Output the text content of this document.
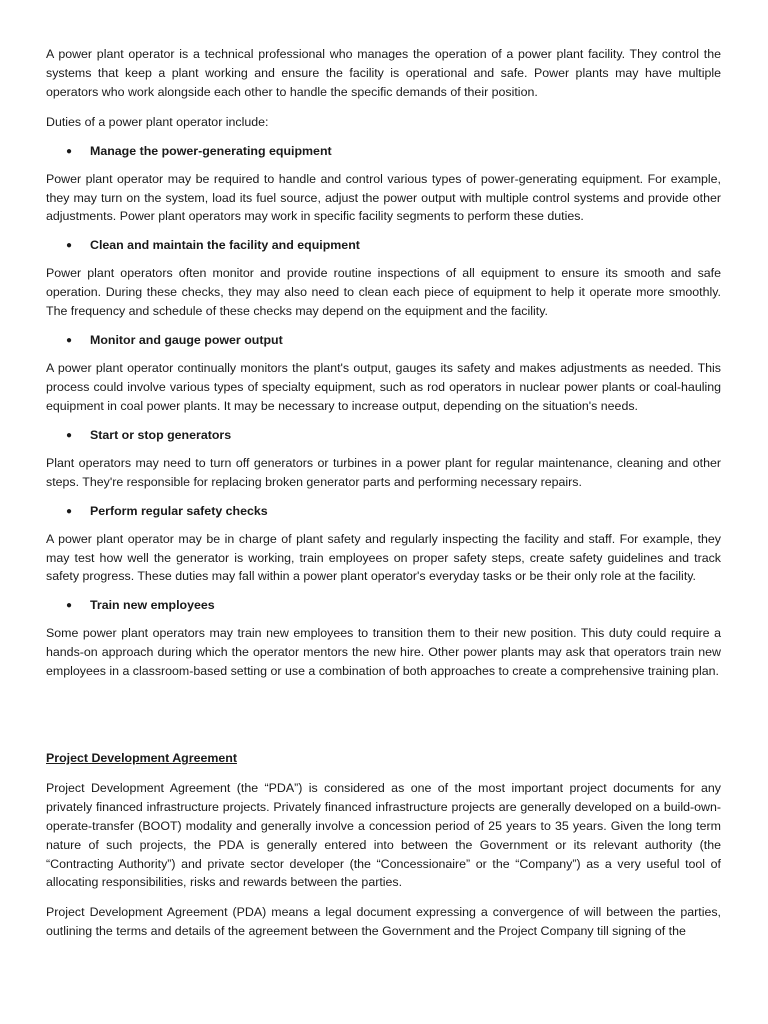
A power plant operator is a technical professional who manages the operation of a power plant facility. They control the systems that keep a plant working and ensure the facility is operational and safe. Power plants may have multiple operators who work alongside each other to handle the specific demands of their position.

Duties of a power plant operator include:

●	Manage the power-generating equipment

Power plant operator may be required to handle and control various types of power-generating equipment. For example, they may turn on the system, load its fuel source, adjust the power output with multiple control systems and provide other adjustments. Power plant operators may work in specific facility segments to perform these duties.

●	Clean and maintain the facility and equipment

Power plant operators often monitor and provide routine inspections of all equipment to ensure its smooth and safe operation. During these checks, they may also need to clean each piece of equipment to help it operate more smoothly. The frequency and schedule of these checks may depend on the equipment and the facility.

●	Monitor and gauge power output

A power plant operator continually monitors the plant's output, gauges its safety and makes adjustments as needed. This process could involve various types of specialty equipment, such as rod operators in nuclear power plants or coal-hauling equipment in coal power plants. It may be necessary to increase output, depending on the situation's needs.

●	Start or stop generators

Plant operators may need to turn off generators or turbines in a power plant for regular maintenance, cleaning and other steps. They're responsible for replacing broken generator parts and performing necessary repairs.

●	Perform regular safety checks

A power plant operator may be in charge of plant safety and regularly inspecting the facility and staff. For example, they may test how well the generator is working, train employees on proper safety steps, create safety guidelines and track safety progress. These duties may fall within a power plant operator's everyday tasks or be their only role at the facility.

●	Train new employees

Some power plant operators may train new employees to transition them to their new position. This duty could require a hands-on approach during which the operator mentors the new hire. Other power plants may ask that operators train new employees in a classroom-based setting or use a combination of both approaches to create a comprehensive training plan.

Project Development Agreement

Project Development Agreement (the “PDA”) is considered as one of the most important project documents for any privately financed infrastructure projects. Privately financed infrastructure projects are generally developed on a build-own-operate-transfer (BOOT) modality and generally involve a concession period of 25 years to 35 years. Given the long term nature of such projects, the PDA is generally entered into between the Government or its relevant authority (the “Contracting Authority”) and private sector developer (the “Concessionaire” or the “Company”) as a very useful tool of allocating responsibilities, risks and rewards between the parties.

Project Development Agreement (PDA) means a legal document expressing a convergence of will between the parties, outlining the terms and details of the agreement between the Government and the Project Company till signing of the
